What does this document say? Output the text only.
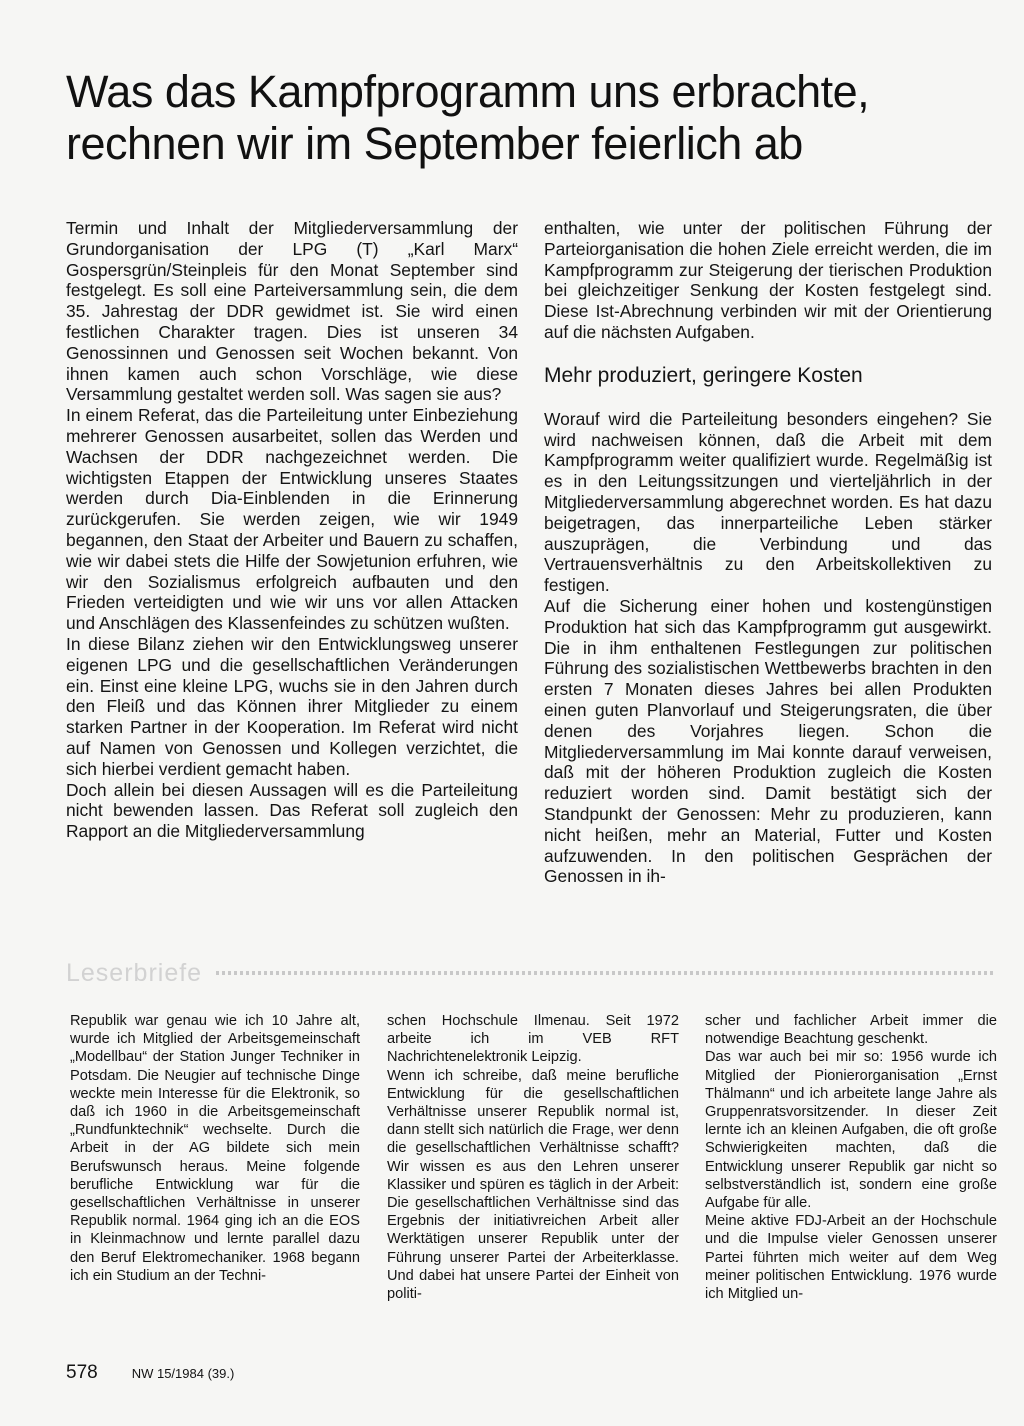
Was das Kampfprogramm uns erbrachte, rechnen wir im September feierlich ab

Termin und Inhalt der Mitgliederversammlung der Grundorganisation der LPG (T) „Karl Marx“ Gospersgrün/Steinpleis für den Monat September sind festgelegt. Es soll eine Parteiversammlung sein, die dem 35. Jahrestag der DDR gewidmet ist. Sie wird einen festlichen Charakter tragen. Dies ist unseren 34 Genossinnen und Genossen seit Wochen bekannt. Von ihnen kamen auch schon Vorschläge, wie diese Versammlung gestaltet werden soll. Was sagen sie aus?

In einem Referat, das die Parteileitung unter Einbeziehung mehrerer Genossen ausarbeitet, sollen das Werden und Wachsen der DDR nachgezeichnet werden. Die wichtigsten Etappen der Entwicklung unseres Staates werden durch Dia-Einblenden in die Erinnerung zurückgerufen. Sie werden zeigen, wie wir 1949 begannen, den Staat der Arbeiter und Bauern zu schaffen, wie wir dabei stets die Hilfe der Sowjetunion erfuhren, wie wir den Sozialismus erfolgreich aufbauten und den Frieden verteidigten und wie wir uns vor allen Attacken und Anschlägen des Klassenfeindes zu schützen wußten.

In diese Bilanz ziehen wir den Entwicklungsweg unserer eigenen LPG und die gesellschaftlichen Veränderungen ein. Einst eine kleine LPG, wuchs sie in den Jahren durch den Fleiß und das Können ihrer Mitglieder zu einem starken Partner in der Kooperation. Im Referat wird nicht auf Namen von Genossen und Kollegen verzichtet, die sich hierbei verdient gemacht haben.

Doch allein bei diesen Aussagen will es die Parteileitung nicht bewenden lassen. Das Referat soll zugleich den Rapport an die Mitgliederversammlung

enthalten, wie unter der politischen Führung der Parteiorganisation die hohen Ziele erreicht werden, die im Kampfprogramm zur Steigerung der tierischen Produktion bei gleichzeitiger Senkung der Kosten festgelegt sind. Diese Ist-Abrechnung verbinden wir mit der Orientierung auf die nächsten Aufgaben.

Mehr produziert, geringere Kosten

Worauf wird die Parteileitung besonders eingehen? Sie wird nachweisen können, daß die Arbeit mit dem Kampfprogramm weiter qualifiziert wurde. Regelmäßig ist es in den Leitungssitzungen und vierteljährlich in der Mitgliederversammlung abgerechnet worden. Es hat dazu beigetragen, das innerparteiliche Leben stärker auszuprägen, die Verbindung und das Vertrauensverhältnis zu den Arbeitskollektiven zu festigen.

Auf die Sicherung einer hohen und kostengünstigen Produktion hat sich das Kampfprogramm gut ausgewirkt. Die in ihm enthaltenen Festlegungen zur politischen Führung des sozialistischen Wettbewerbs brachten in den ersten 7 Monaten dieses Jahres bei allen Produkten einen guten Planvorlauf und Steigerungsraten, die über denen des Vorjahres liegen. Schon die Mitgliederversammlung im Mai konnte darauf verweisen, daß mit der höheren Produktion zugleich die Kosten reduziert worden sind. Damit bestätigt sich der Standpunkt der Genossen: Mehr zu produzieren, kann nicht heißen, mehr an Material, Futter und Kosten aufzuwenden. In den politischen Gesprächen der Genossen in ih-

Leserbriefe

Republik war genau wie ich 10 Jahre alt, wurde ich Mitglied der Arbeitsgemeinschaft „Modellbau“ der Station Junger Techniker in Potsdam. Die Neugier auf technische Dinge weckte mein Interesse für die Elektronik, so daß ich 1960 in die Arbeitsgemeinschaft „Rundfunktechnik“ wechselte. Durch die Arbeit in der AG bildete sich mein Berufswunsch heraus. Meine folgende berufliche Entwicklung war für die gesellschaftlichen Verhältnisse in unserer Republik normal. 1964 ging ich an die EOS in Kleinmachnow und lernte parallel dazu den Beruf Elektromechaniker. 1968 begann ich ein Studium an der Techni-

schen Hochschule Ilmenau. Seit 1972 arbeite ich im VEB RFT Nachrichtenelektronik Leipzig.

Wenn ich schreibe, daß meine berufliche Entwicklung für die gesellschaftlichen Verhältnisse unserer Republik normal ist, dann stellt sich natürlich die Frage, wer denn die gesellschaftlichen Verhältnisse schafft? Wir wissen es aus den Lehren unserer Klassiker und spüren es täglich in der Arbeit: Die gesellschaftlichen Verhältnisse sind das Ergebnis der initiativreichen Arbeit aller Werktätigen unserer Republik unter der Führung unserer Partei der Arbeiterklasse. Und dabei hat unsere Partei der Einheit von politi-

scher und fachlicher Arbeit immer die notwendige Beachtung geschenkt.

Das war auch bei mir so: 1956 wurde ich Mitglied der Pionierorganisation „Ernst Thälmann“ und ich arbeitete lange Jahre als Gruppenratsvorsitzender. In dieser Zeit lernte ich an kleinen Aufgaben, die oft große Schwierigkeiten machten, daß die Entwicklung unserer Republik gar nicht so selbstverständlich ist, sondern eine große Aufgabe für alle.

Meine aktive FDJ-Arbeit an der Hochschule und die Impulse vieler Genossen unserer Partei führten mich weiter auf dem Weg meiner politischen Entwicklung. 1976 wurde ich Mitglied un-

578	NW 15/1984 (39.)
